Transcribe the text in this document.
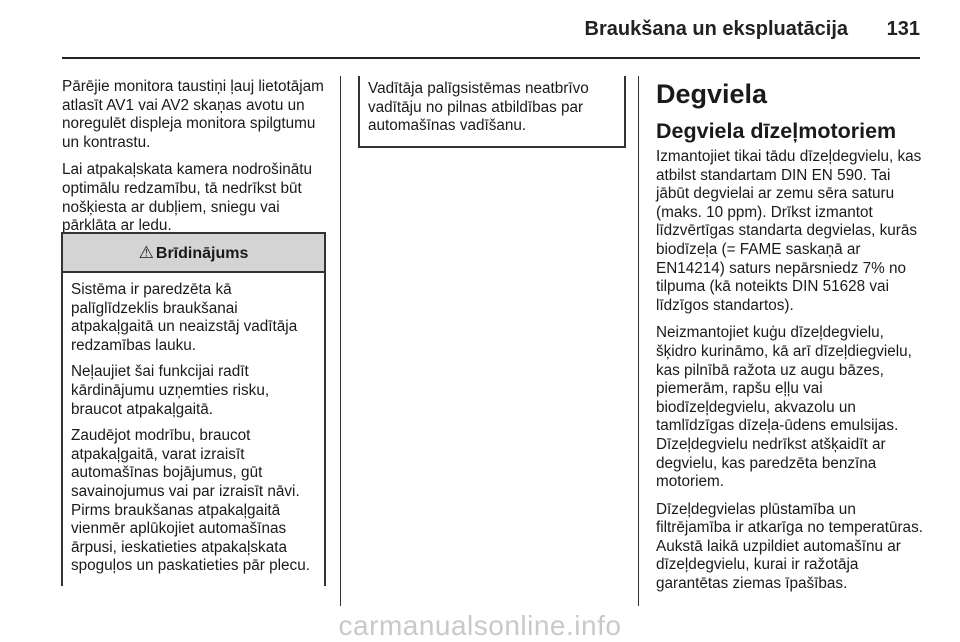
Braukšana un ekspluatācija 131

Pārējie monitora taustiņi ļauj lietotājam atlasīt AV1 vai AV2 skaņas avotu un noregulēt displeja monitora spilgtumu un kontrastu.

Lai atpakaļskata kamera nodrošinātu optimālu redzamību, tā nedrīkst būt nošķiesta ar dubļiem, sniegu vai pārklāta ar ledu.

⚠ Brīdinājums

Sistēma ir paredzēta kā palīglīdzeklis braukšanai atpakaļgaitā un neaizstāj vadītāja redzamības lauku.

Neļaujiet šai funkcijai radīt kārdinājumu uzņemties risku, braucot atpakaļgaitā.

Zaudējot modrību, braucot atpakaļgaitā, varat izraisīt automašīnas bojājumus, gūt savainojumus vai par izraisīt nāvi. Pirms braukšanas atpakaļgaitā vienmēr aplūkojiet automašīnas ārpusi, ieskatieties atpakaļskata spoguļos un paskatieties pār plecu.

Vadītāja palīgsistēmas neatbrīvo vadītāju no pilnas atbildības par automašīnas vadīšanu.

Degviela
Degviela dīzeļmotoriem

Izmantojiet tikai tādu dīzeļdegvielu, kas atbilst standartam DIN EN 590. Tai jābūt degvielai ar zemu sēra saturu (maks. 10 ppm). Drīkst izmantot līdzvērtīgas standarta degvielas, kurās biodīzeļa (= FAME saskaņā ar EN14214) saturs nepārsniedz 7% no tilpuma (kā noteikts DIN 51628 vai līdzīgos standartos).

Neizmantojiet kuģu dīzeļdegvielu, šķidro kurināmo, kā arī dīzeļdiegvielu, kas pilnībā ražota uz augu bāzes, piemerām, rapšu eļļu vai biodīzeļdegvielu, akvazolu un tamlīdzīgas dīzeļa-ūdens emulsijas. Dīzeļdegvielu nedrīkst atšķaidīt ar degvielu, kas paredzēta benzīna motoriem.

Dīzeļdegvielas plūstamība un filtrējamība ir atkarīga no temperatūras. Aukstā laikā uzpildiet automašīnu ar dīzeļdegvielu, kurai ir ražotāja garantētas ziemas īpašības.

carmanualsonline.info
